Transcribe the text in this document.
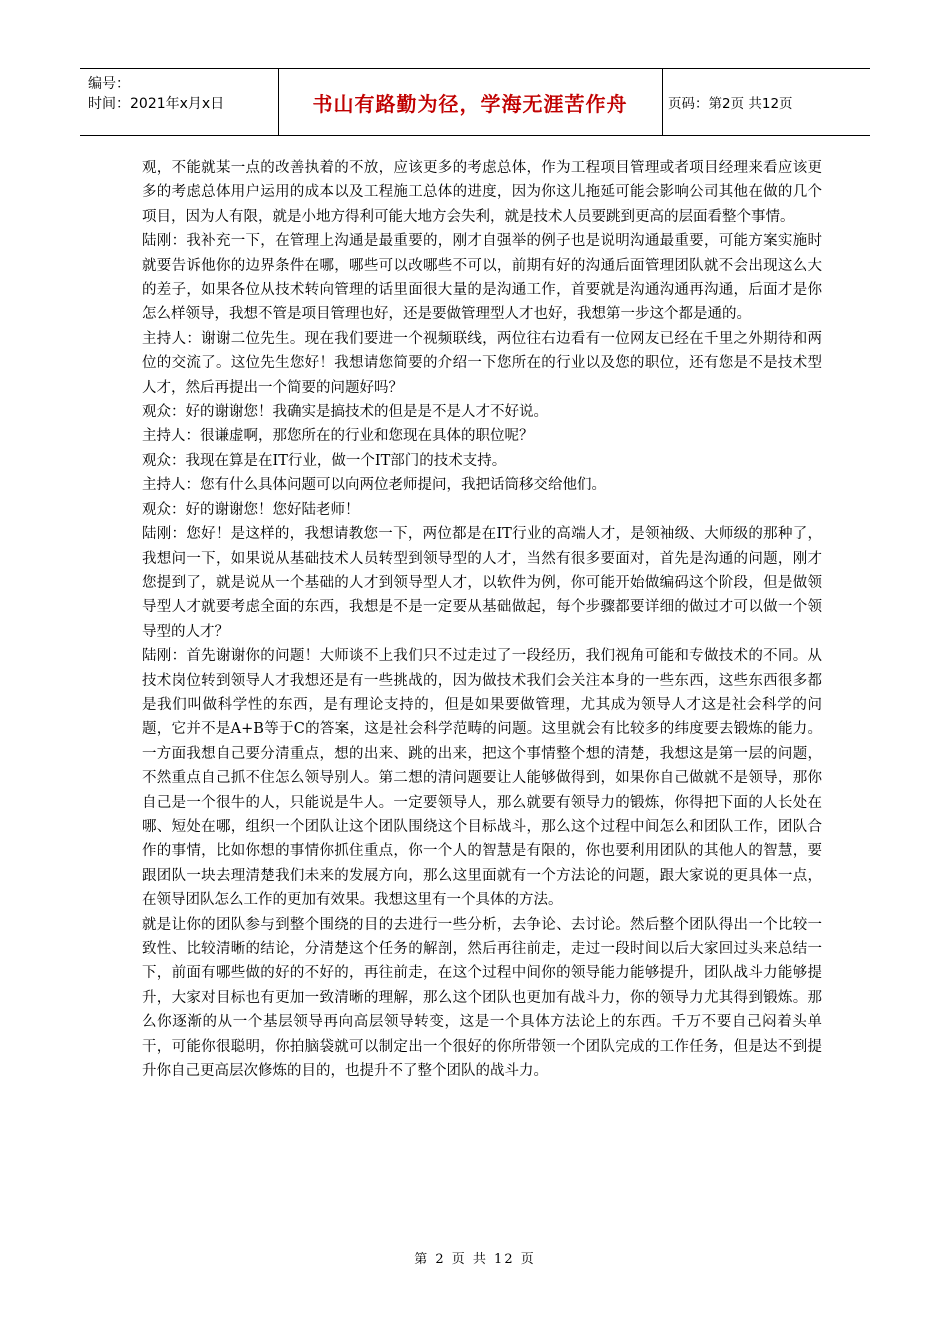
编号：
时间：2021年x月x日	书山有路勤为径，学海无涯苦作舟	页码：第2页 共12页

观，不能就某一点的改善执着的不放，应该更多的考虑总体，作为工程项目管理或者项目经理来看应该更多的考虑总体用户运用的成本以及工程施工总体的进度，因为你这儿拖延可能会影响公司其他在做的几个项目，因为人有限，就是小地方得利可能大地方会失利，就是技术人员要跳到更高的层面看整个事情。

陆刚：我补充一下，在管理上沟通是最重要的，刚才自强举的例子也是说明沟通最重要，可能方案实施时就要告诉他你的边界条件在哪，哪些可以改哪些不可以，前期有好的沟通后面管理团队就不会出现这么大的差子，如果各位从技术转向管理的话里面很大量的是沟通工作，首要就是沟通沟通再沟通，后面才是你怎么样领导，我想不管是项目管理也好，还是要做管理型人才也好，我想第一步这个都是通的。

主持人：谢谢二位先生。现在我们要进一个视频联线，两位往右边看有一位网友已经在千里之外期待和两位的交流了。这位先生您好！我想请您简要的介绍一下您所在的行业以及您的职位，还有您是不是技术型人才，然后再提出一个简要的问题好吗？

观众：好的谢谢您！我确实是搞技术的但是是不是人才不好说。

主持人：很谦虚啊，那您所在的行业和您现在具体的职位呢？

观众：我现在算是在IT行业，做一个IT部门的技术支持。

主持人：您有什么具体问题可以向两位老师提问，我把话筒移交给他们。

观众：好的谢谢您！您好陆老师！

陆刚：您好！是这样的，我想请教您一下，两位都是在IT行业的高端人才，是领袖级、大师级的那种了，我想问一下，如果说从基础技术人员转型到领导型的人才，当然有很多要面对，首先是沟通的问题，刚才您提到了，就是说从一个基础的人才到领导型人才，以软件为例，你可能开始做编码这个阶段，但是做领导型人才就要考虑全面的东西，我想是不是一定要从基础做起，每个步骤都要详细的做过才可以做一个领导型的人才？

陆刚：首先谢谢你的问题！大师谈不上我们只不过走过了一段经历，我们视角可能和专做技术的不同。从技术岗位转到领导人才我想还是有一些挑战的，因为做技术我们会关注本身的一些东西，这些东西很多都是我们叫做科学性的东西，是有理论支持的，但是如果要做管理，尤其成为领导人才这是社会科学的问题，它并不是A+B等于C的答案，这是社会科学范畴的问题。这里就会有比较多的纬度要去锻炼的能力。一方面我想自己要分清重点，想的出来、跳的出来，把这个事情整个想的清楚，我想这是第一层的问题，不然重点自己抓不住怎么领导别人。第二想的清问题要让人能够做得到，如果你自己做就不是领导，那你自己是一个很牛的人，只能说是牛人。一定要领导人，那么就要有领导力的锻炼，你得把下面的人长处在哪、短处在哪，组织一个团队让这个团队围绕这个目标战斗，那么这个过程中间怎么和团队工作，团队合作的事情，比如你想的事情你抓住重点，你一个人的智慧是有限的，你也要利用团队的其他人的智慧，要跟团队一块去理清楚我们未来的发展方向，那么这里面就有一个方法论的问题，跟大家说的更具体一点，在领导团队怎么工作的更加有效果。我想这里有一个具体的方法。

就是让你的团队参与到整个围绕的目的去进行一些分析，去争论、去讨论。然后整个团队得出一个比较一致性、比较清晰的结论，分清楚这个任务的解剖，然后再往前走，走过一段时间以后大家回过头来总结一下，前面有哪些做的好的不好的，再往前走，在这个过程中间你的领导能力能够提升，团队战斗力能够提升，大家对目标也有更加一致清晰的理解，那么这个团队也更加有战斗力，你的领导力尤其得到锻炼。那么你逐渐的从一个基层领导再向高层领导转变，这是一个具体方法论上的东西。千万不要自己闷着头单干，可能你很聪明，你拍脑袋就可以制定出一个很好的你所带领一个团队完成的工作任务，但是达不到提升你自己更高层次修炼的目的，也提升不了整个团队的战斗力。

第 2 页 共 12 页
